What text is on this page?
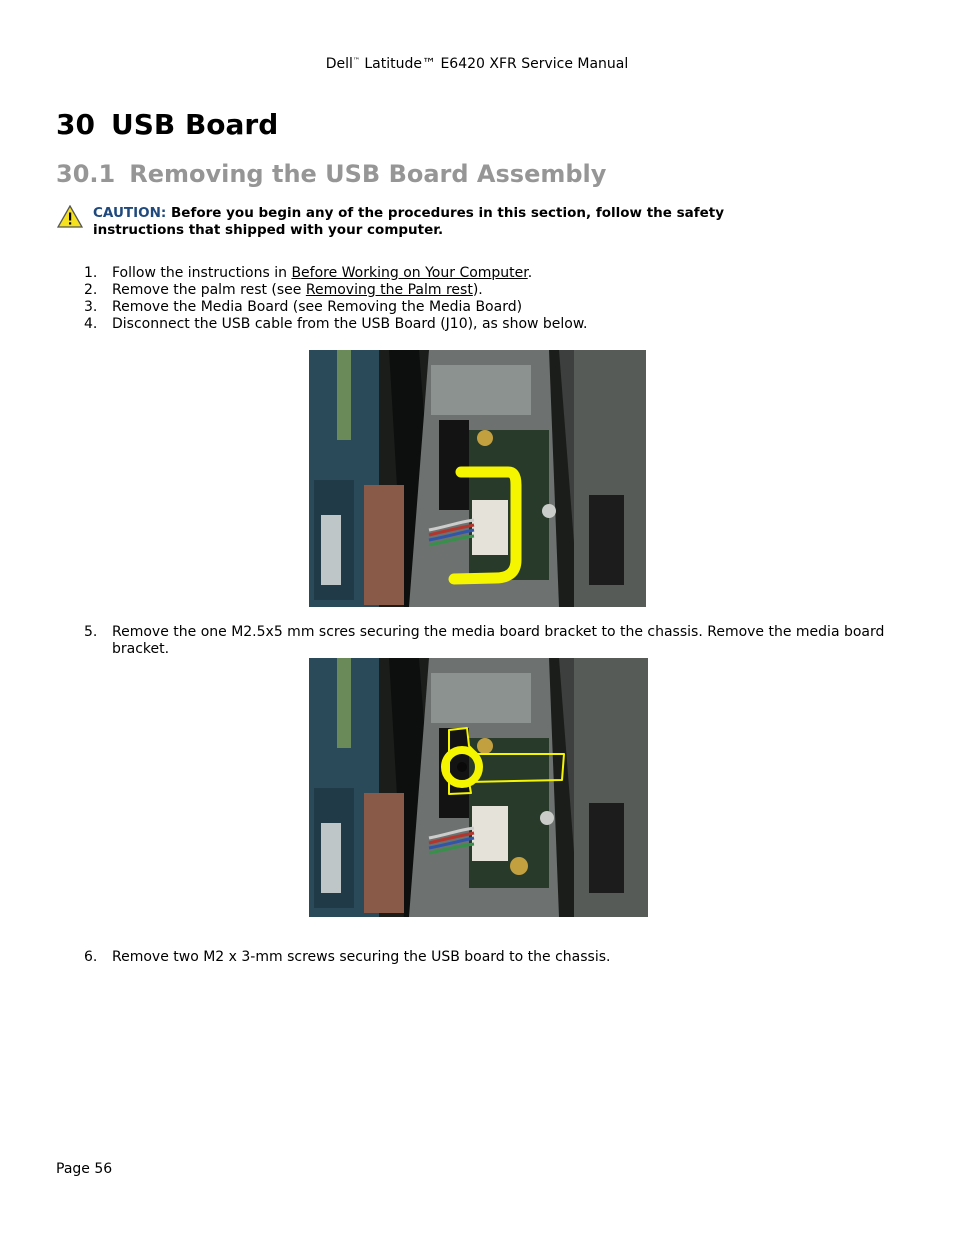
Dell™ Latitude™ E6420 XFR Service Manual
30 USB Board
30.1 Removing the USB Board Assembly
CAUTION: Before you begin any of the procedures in this section, follow the safety instructions that shipped with your computer.
1. Follow the instructions in Before Working on Your Computer.
2. Remove the palm rest (see Removing the Palm rest).
3. Remove the Media Board (see Removing the Media Board)
4. Disconnect the USB cable from the USB Board (J10), as show below.
5. Remove the one M2.5x5 mm scres securing the media board bracket to the chassis. Remove the media board bracket.
6. Remove two M2 x 3-mm screws securing the USB board to the chassis.
Page 56
